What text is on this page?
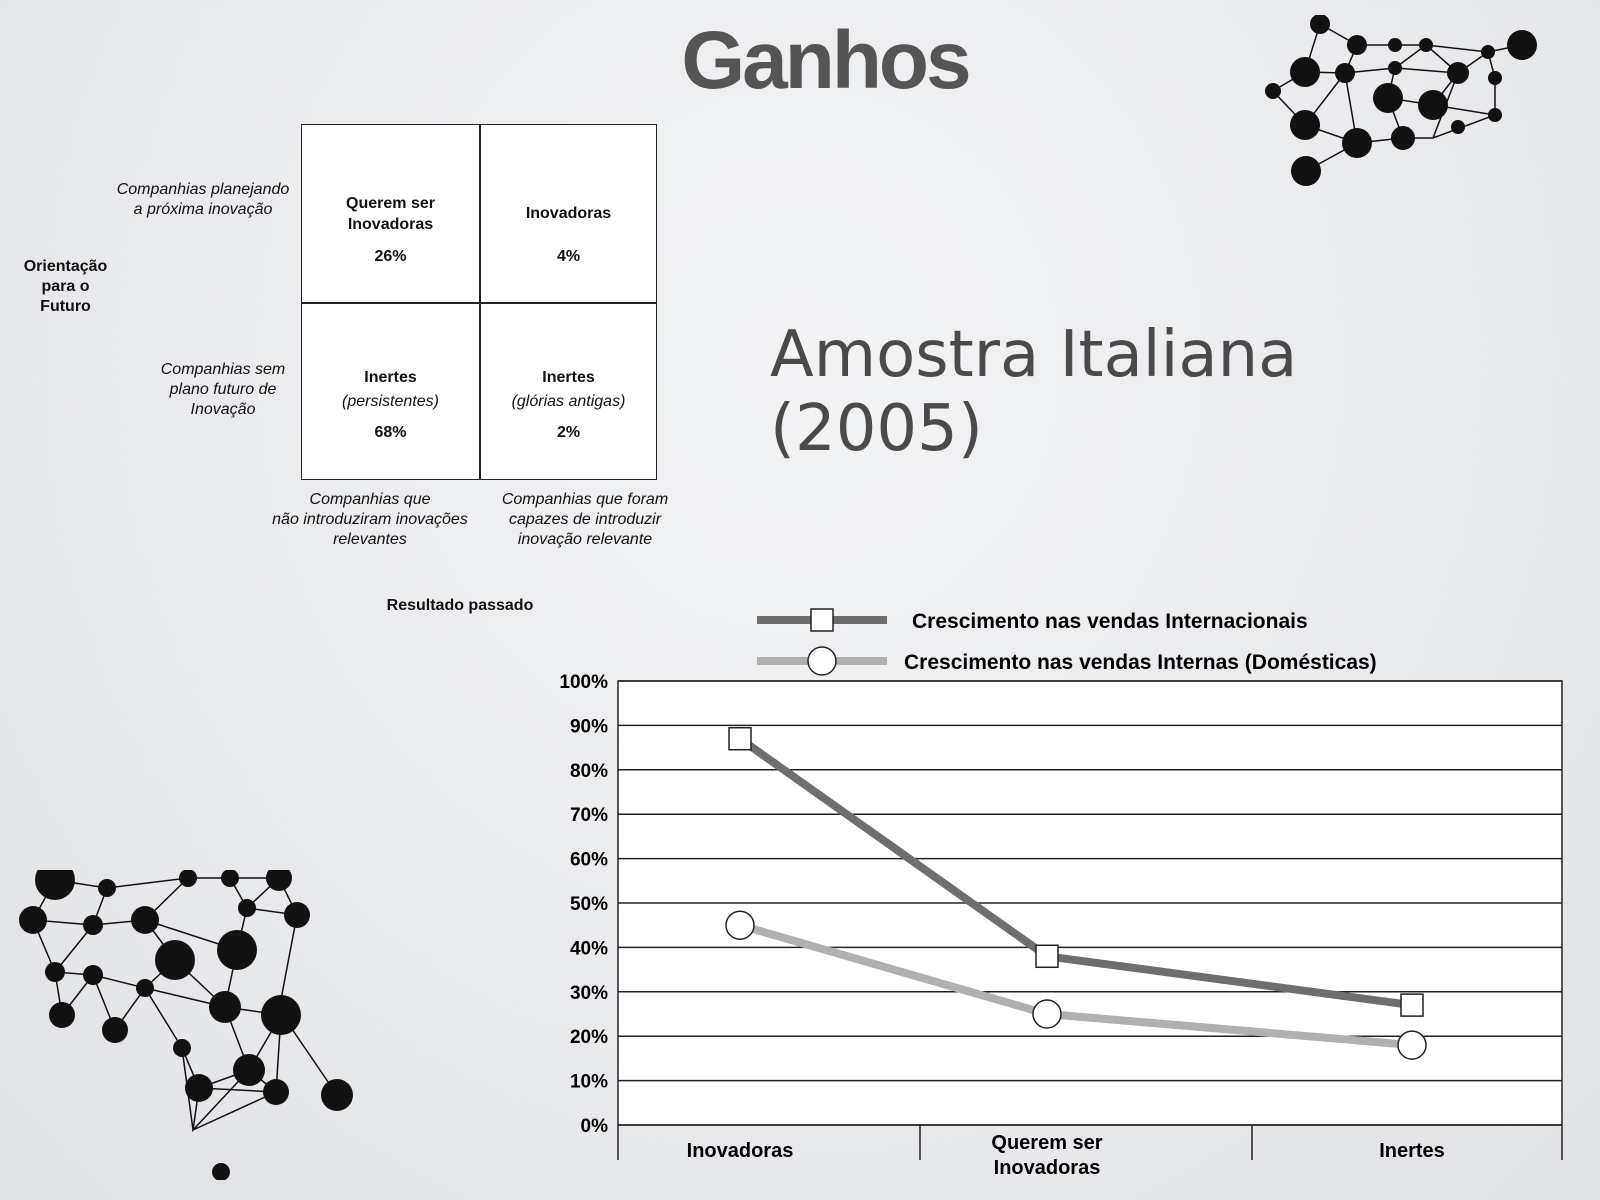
Ganhos
Amostra Italiana (2005)
Orientação
para o
Futuro
Companhias planejando
a próxima inovação
Companhias sem
plano futuro de
Inovação
Companhias que
não introduziram inovações
relevantes
Companhias que foram
capazes de introduzir
inovação relevante
Resultado passado
Querem ser
Inovadoras
26%
Inovadoras
4%
Inertes
(persistentes)
68%
Inertes
(glórias antigas)
2%
0%
10%
20%
30%
40%
50%
60%
70%
80%
90%
100%
Inovadoras	Querem ser Inovadoras
Inertes
Crescimento nas vendas Internacionais
Crescimento nas vendas Internas (Domésticas)
